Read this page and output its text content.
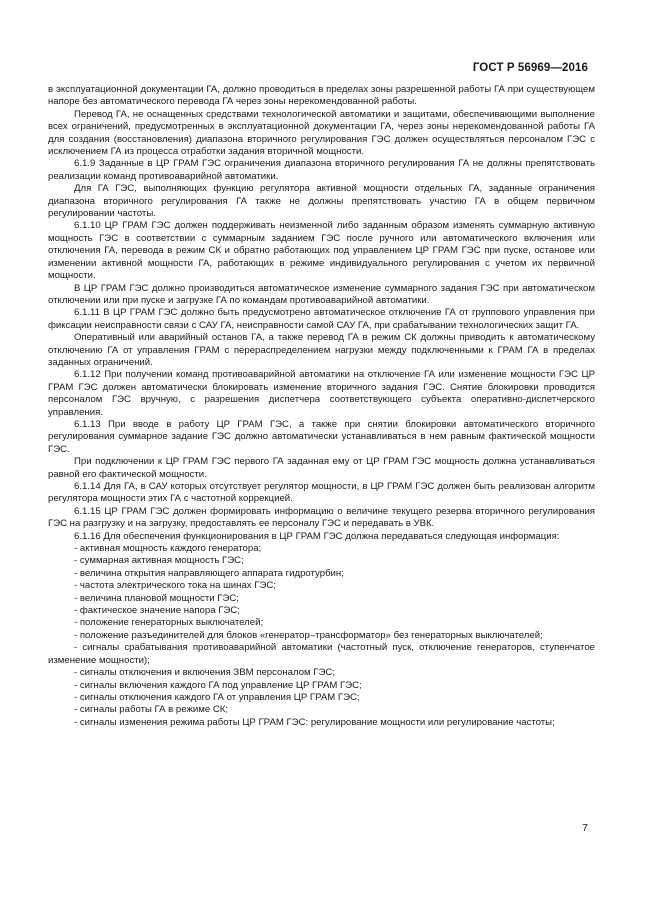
ГОСТ Р 56969—2016

в эксплуатационной документации ГА, должно проводиться в пределах зоны разрешенной работы ГА при существующем напоре без автоматического перевода ГА через зоны нерекомендованной работы.

Перевод ГА, не оснащенных средствами технологической автоматики и защитами, обеспечивающими выполнение всех ограничений, предусмотренных в эксплуатационной документации ГА, через зоны нерекомендованной работы ГА для создания (восстановления) диапазона вторичного регулирования ГЭС должен осуществляться персоналом ГЭС с исключением ГА из процесса отработки задания вторичной мощности.

6.1.9 Заданные в ЦР ГРАМ ГЭС ограничения диапазона вторичного регулирования ГА не должны препятствовать реализации команд противоаварийной автоматики.

Для ГА ГЭС, выполняющих функцию регулятора активной мощности отдельных ГА, заданные ограничения диапазона вторичного регулирования ГА также не должны препятствовать участию ГА в общем первичном регулировании частоты.

6.1.10 ЦР ГРАМ ГЭС должен поддерживать неизменной либо заданным образом изменять суммарную активную мощность ГЭС в соответствии с суммарным заданием ГЭС после ручного или автоматического включения или отключения ГА, перевода в режим СК и обратно работающих под управлением ЦР ГРАМ ГЭС при пуске, останове или изменении активной мощности ГА, работающих в режиме индивидуального регулирования с учетом их первичной мощности.

В ЦР ГРАМ ГЭС должно производиться автоматическое изменение суммарного задания ГЭС при автоматическом отключении или при пуске и загрузке ГА по командам противоаварийной автоматики.

6.1.11 В ЦР ГРАМ ГЭС должно быть предусмотрено автоматическое отключение ГА от группового управления при фиксации неисправности связи с САУ ГА, неисправности самой САУ ГА, при срабатывании технологических защит ГА.

Оперативный или аварийный останов ГА, а также перевод ГА в режим СК должны приводить к автоматическому отключению ГА от управления ГРАМ с перераспределением нагрузки между подключенными к ГРАМ ГА в пределах заданных ограничений.

6.1.12 При получении команд противоаварийной автоматики на отключение ГА или изменение мощности ГЭС ЦР ГРАМ ГЭС должен автоматически блокировать изменение вторичного задания ГЭС. Снятие блокировки проводится персоналом ГЭС вручную, с разрешения диспетчера соответствующего субъекта оперативно-диспетчерского управления.

6.1.13 При вводе в работу ЦР ГРАМ ГЭС, а также при снятии блокировки автоматического вторичного регулирования суммарное задание ГЭС должно автоматически устанавливаться в нем равным фактической мощности ГЭС.

При подключении к ЦР ГРАМ ГЭС первого ГА заданная ему от ЦР ГРАМ ГЭС мощность должна устанавливаться равной его фактической мощности.

6.1.14 Для ГА, в САУ которых отсутствует регулятор мощности, в ЦР ГРАМ ГЭС должен быть реализован алгоритм регулятора мощности этих ГА с частотной коррекцией.

6.1.15 ЦР ГРАМ ГЭС должен формировать информацию о величине текущего резерва вторичного регулирования ГЭС на разгрузку и на загрузку, предоставлять ее персоналу ГЭС и передавать в УВК.

6.1.16 Для обеспечения функционирования в ЦР ГРАМ ГЭС должна передаваться следующая информация:

- активная мощность каждого генератора;

- суммарная активная мощность ГЭС;

- величина открытия направляющего аппарата гидротурбин;

- частота электрического тока на шинах ГЭС;

- величина плановой мощности ГЭС;

- фактическое значение напора ГЭС;

- положение генераторных выключателей;

- положение разъединителей для блоков «генератор–трансформатор» без генераторных выключателей;

- сигналы срабатывания противоаварийной автоматики (частотный пуск, отключение генераторов, ступенчатое изменение мощности);

- сигналы отключения и включения ЗВМ персоналом ГЭС;

- сигналы включения каждого ГА под управление ЦР ГРАМ ГЭС;

- сигналы отключения каждого ГА от управления ЦР ГРАМ ГЭС;

- сигналы работы ГА в режиме СК;

- сигналы изменения режима работы ЦР ГРАМ ГЭС: регулирование мощности или регулирование частоты;

7
